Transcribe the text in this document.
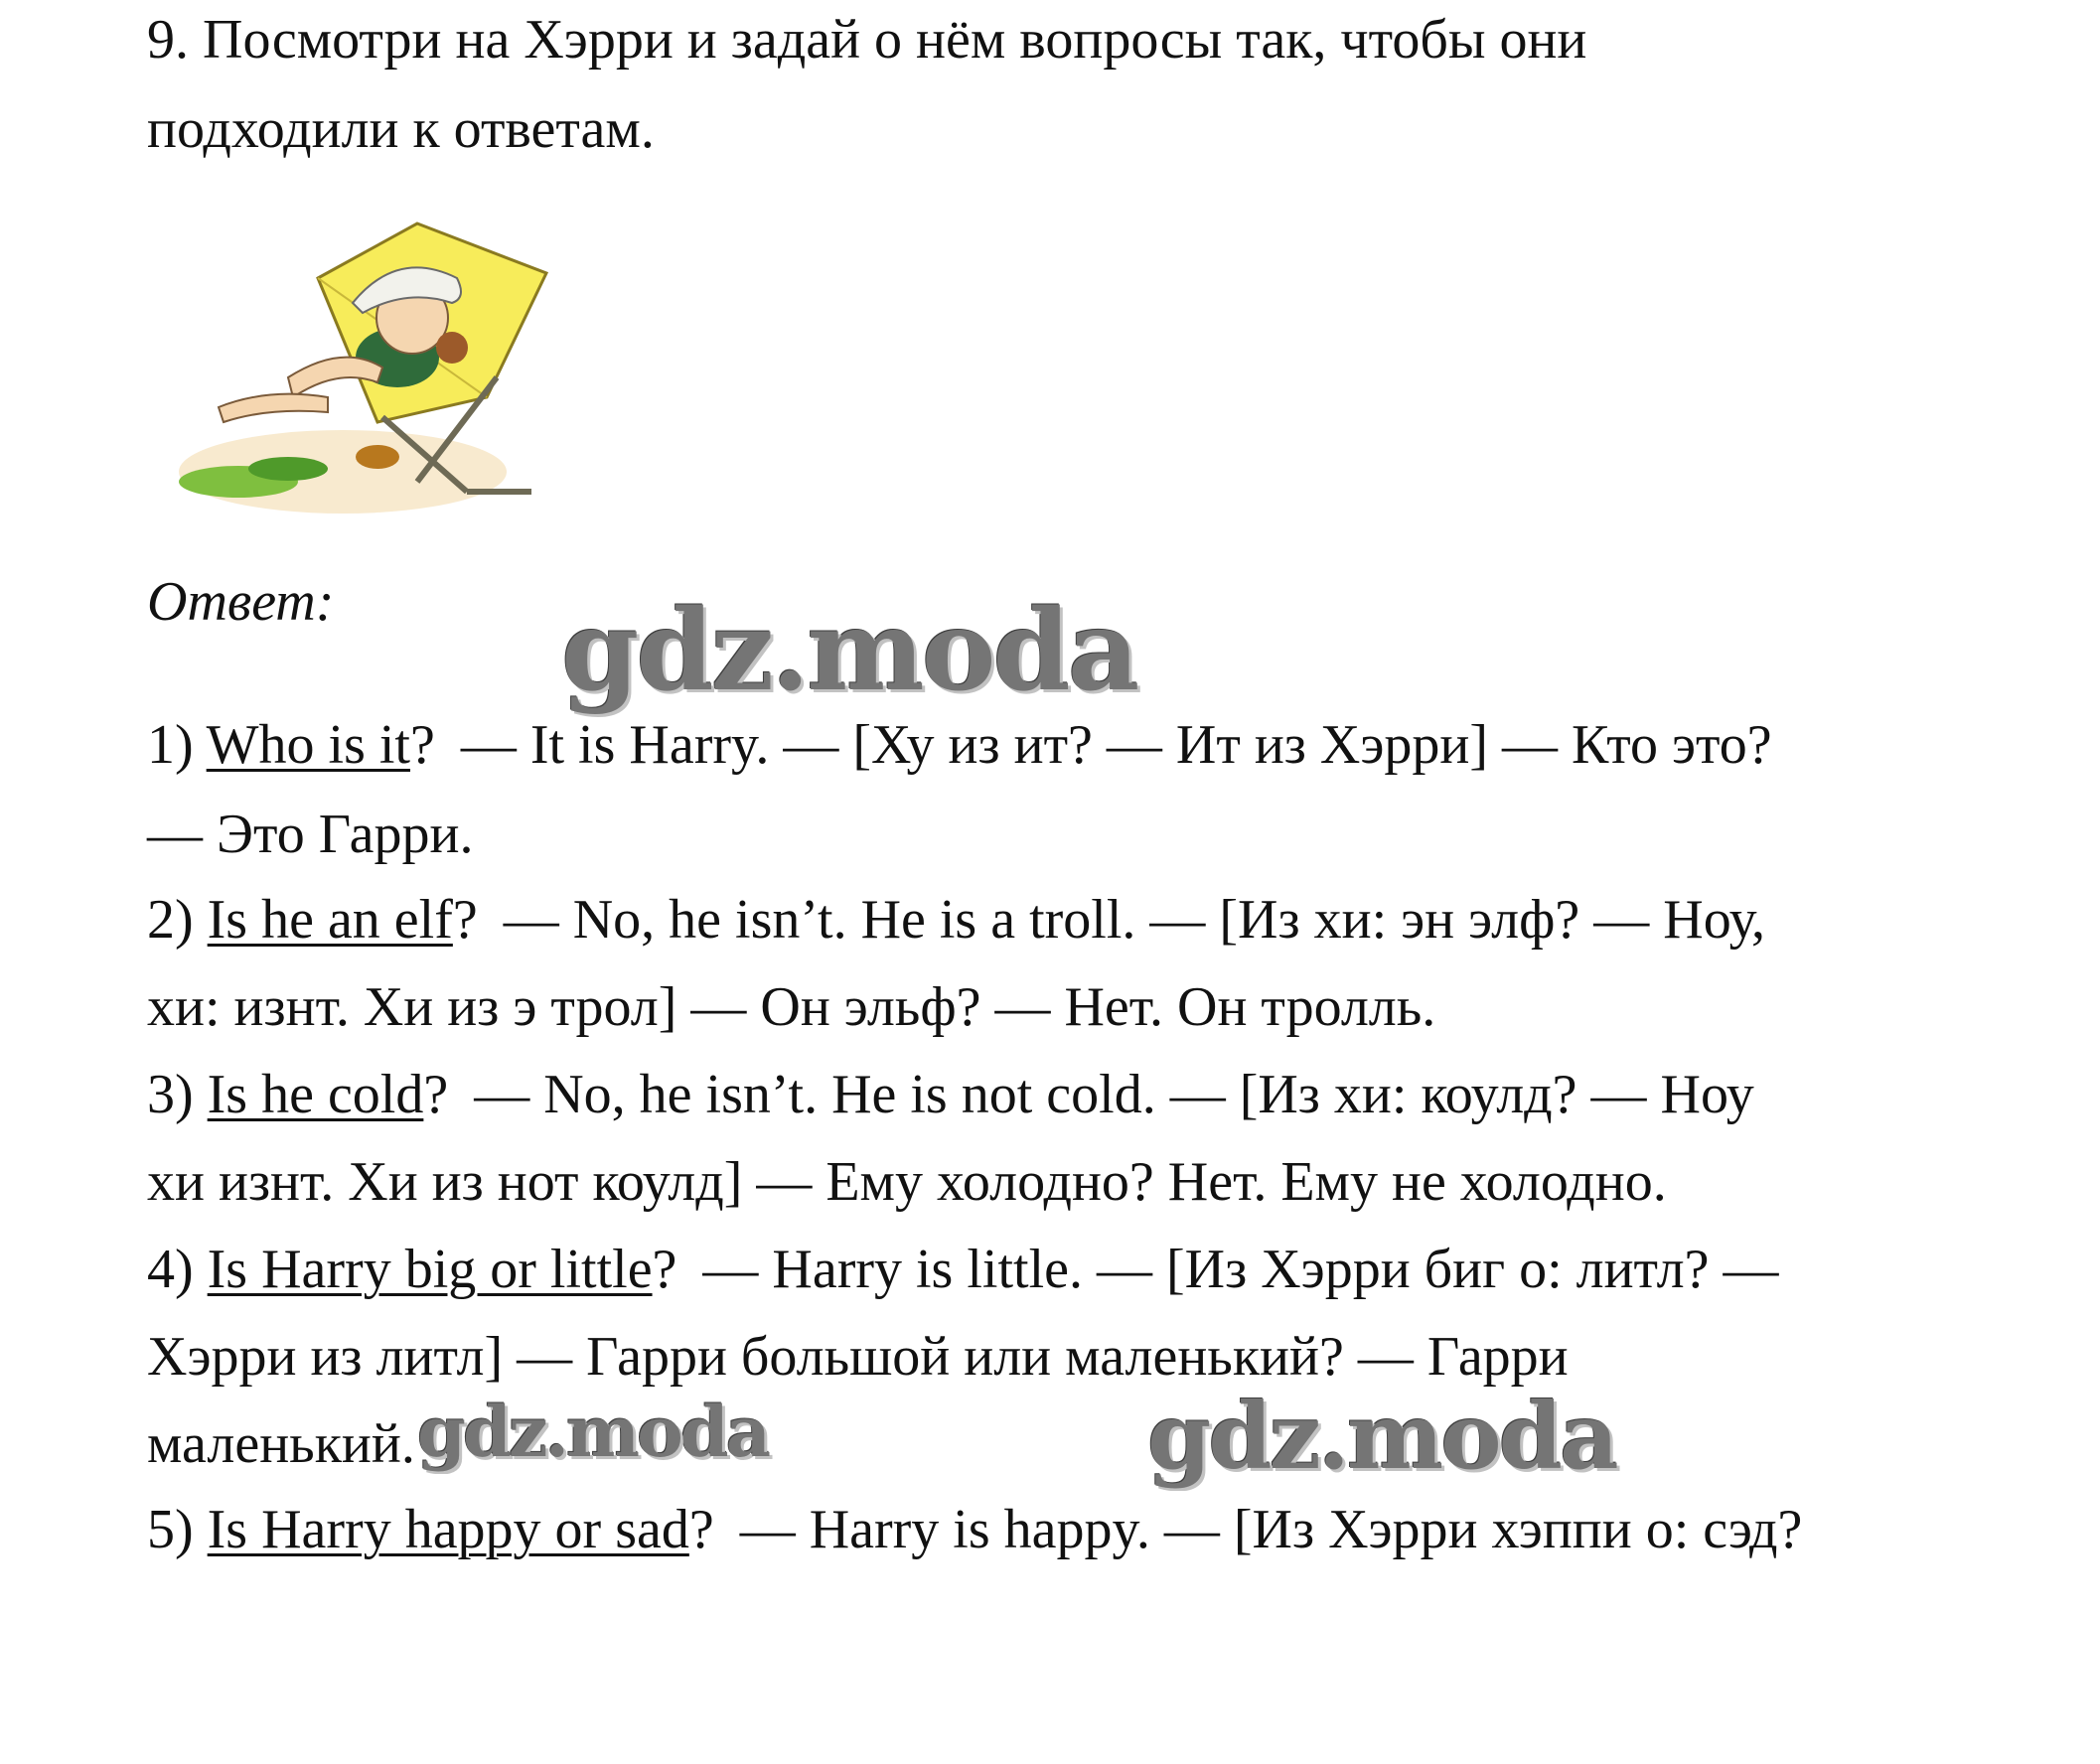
9. Посмотри на Хэрри и задай о нём вопросы так, чтобы они

подходили к ответам.

Ответ:

1) Who is it? — It is Harry. — [Ху из ит? — Ит из Хэрри] — Кто это?

— Это Гарри.

2) Is he an elf? — No, he isn’t. He is a troll. — [Из хи: эн элф? — Ноу,

хи: изнт. Хи из э трол] — Он эльф? — Нет. Он тролль.

3) Is he cold? — No, he isn’t. He is not cold. — [Из хи: коулд? — Ноу

хи изнт. Хи из нот коулд] — Ему холодно? Нет. Ему не холодно.

4) Is Harry big or little? — Harry is little. — [Из Хэрри биг о: литл? —

Хэрри из литл] — Гарри большой или маленький? — Гарри

маленький.

5) Is Harry happy or sad? — Harry is happy. — [Из Хэрри хэппи о: сэд?

gdz.moda
gdz.moda	gdz.moda
